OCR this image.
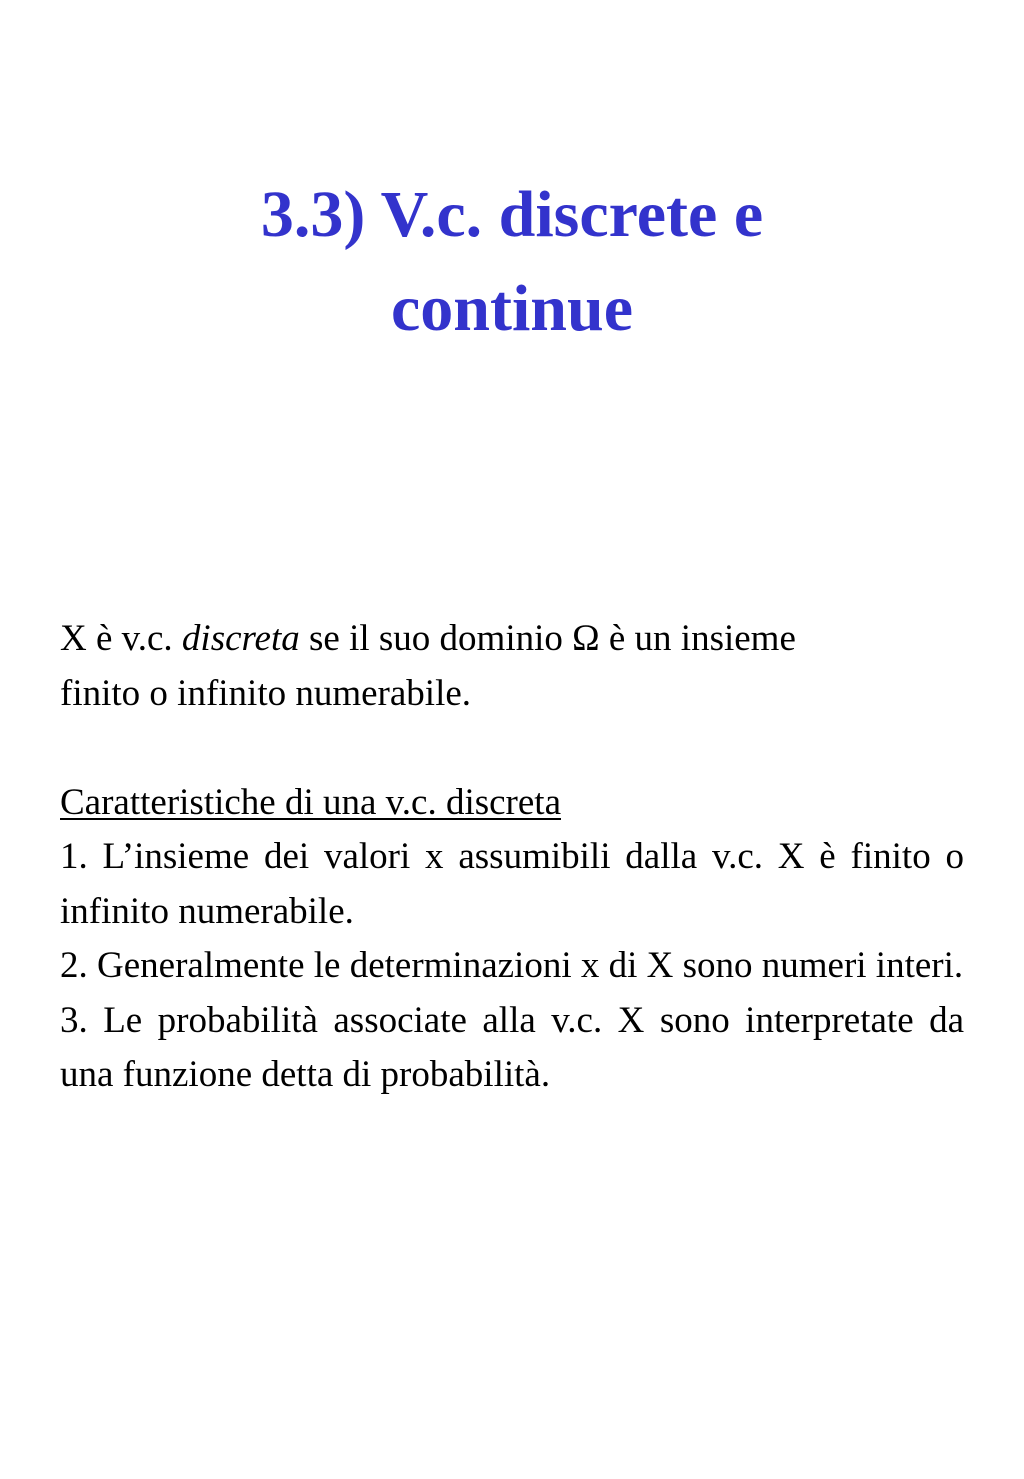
3.3) V.c. discrete e
continue

X è v.c. discreta se il suo dominio Ω è un insieme
finito o infinito numerabile.

Caratteristiche di una v.c. discreta

1. L’insieme dei valori x assumibili dalla v.c. X è finito o infinito numerabile.

2. Generalmente le determinazioni x di X sono numeri interi.

3. Le probabilità associate alla v.c. X sono interpretate da una funzione detta di probabilità.
